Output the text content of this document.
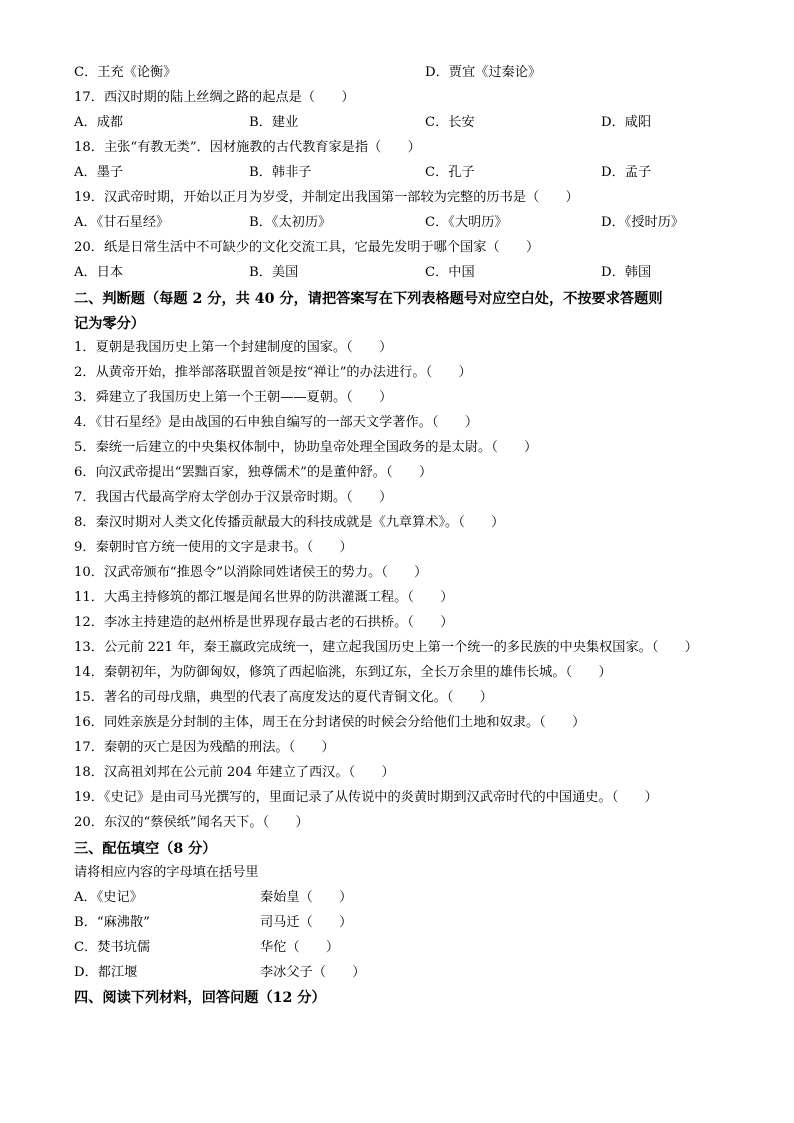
C．王充《论衡》	D．贾宜《过秦论》
17．西汉时期的陆上丝绸之路的起点是（　　）
A．成都	B．建业	C．长安	D．咸阳
18．主张“有教无类”．因材施教的古代教育家是指（　　）
A．墨子	B．韩非子	C．孔子	D．孟子
19．汉武帝时期，开始以正月为岁受，并制定出我国第一部较为完整的历书是（　　）
A．《甘石星经》	B．《太初历》	C．《大明历》	D．《授时历》
20．纸是日常生活中不可缺少的文化交流工具，它最先发明于哪个国家（　　）
A．日本	B．美国	C．中国	D．韩国
二、判断题（每题 2 分，共 40 分，请把答案写在下列表格题号对应空白处，不按要求答题则
记为零分）
1．夏朝是我国历史上第一个封建制度的国家。（　　）
2．从黄帝开始，推举部落联盟首领是按“禅让”的办法进行。（　　）
3．舜建立了我国历史上第一个王朝——夏朝。（　　）
4．《甘石星经》是由战国的石申独自编写的一部天文学著作。（　　）
5．秦统一后建立的中央集权体制中，协助皇帝处理全国政务的是太尉。（　　）
6．向汉武帝提出“罢黜百家，独尊儒术”的是董仲舒。（　　）
7．我国古代最高学府太学创办于汉景帝时期。（　　）
8．秦汉时期对人类文化传播贡献最大的科技成就是《九章算术》。（　　）
9．秦朝时官方统一使用的文字是隶书。（　　）
10．汉武帝颁布“推恩令”以消除同姓诸侯王的势力。（　　）
11．大禹主持修筑的都江堰是闻名世界的防洪灌溉工程。（　　）
12．李冰主持建造的赵州桥是世界现存最古老的石拱桥。（　　）
13．公元前 221 年，秦王嬴政完成统一，建立起我国历史上第一个统一的多民族的中央集权国家。（　　）
14．秦朝初年，为防御匈奴，修筑了西起临洮，东到辽东，全长万余里的雄伟长城。（　　）
15．著名的司母戊鼎，典型的代表了高度发达的夏代青铜文化。（　　）
16．同姓亲族是分封制的主体，周王在分封诸侯的时候会分给他们土地和奴隶。（　　）
17．秦朝的灭亡是因为残酷的刑法。（　　）
18．汉高祖刘邦在公元前 204 年建立了西汉。（　　）
19．《史记》是由司马光撰写的，里面记录了从传说中的炎黄时期到汉武帝时代的中国通史。（　　）
20．东汉的“蔡侯纸”闻名天下。（　　）
三、配伍填空（8 分）
请将相应内容的字母填在括号里
A．《史记》	秦始皇（　　）
B．“麻沸散”	司马迁（　　）
C．焚书坑儒	华佗（　　）
D．都江堰	李冰父子（　　）
四、阅读下列材料，回答问题（12 分）
